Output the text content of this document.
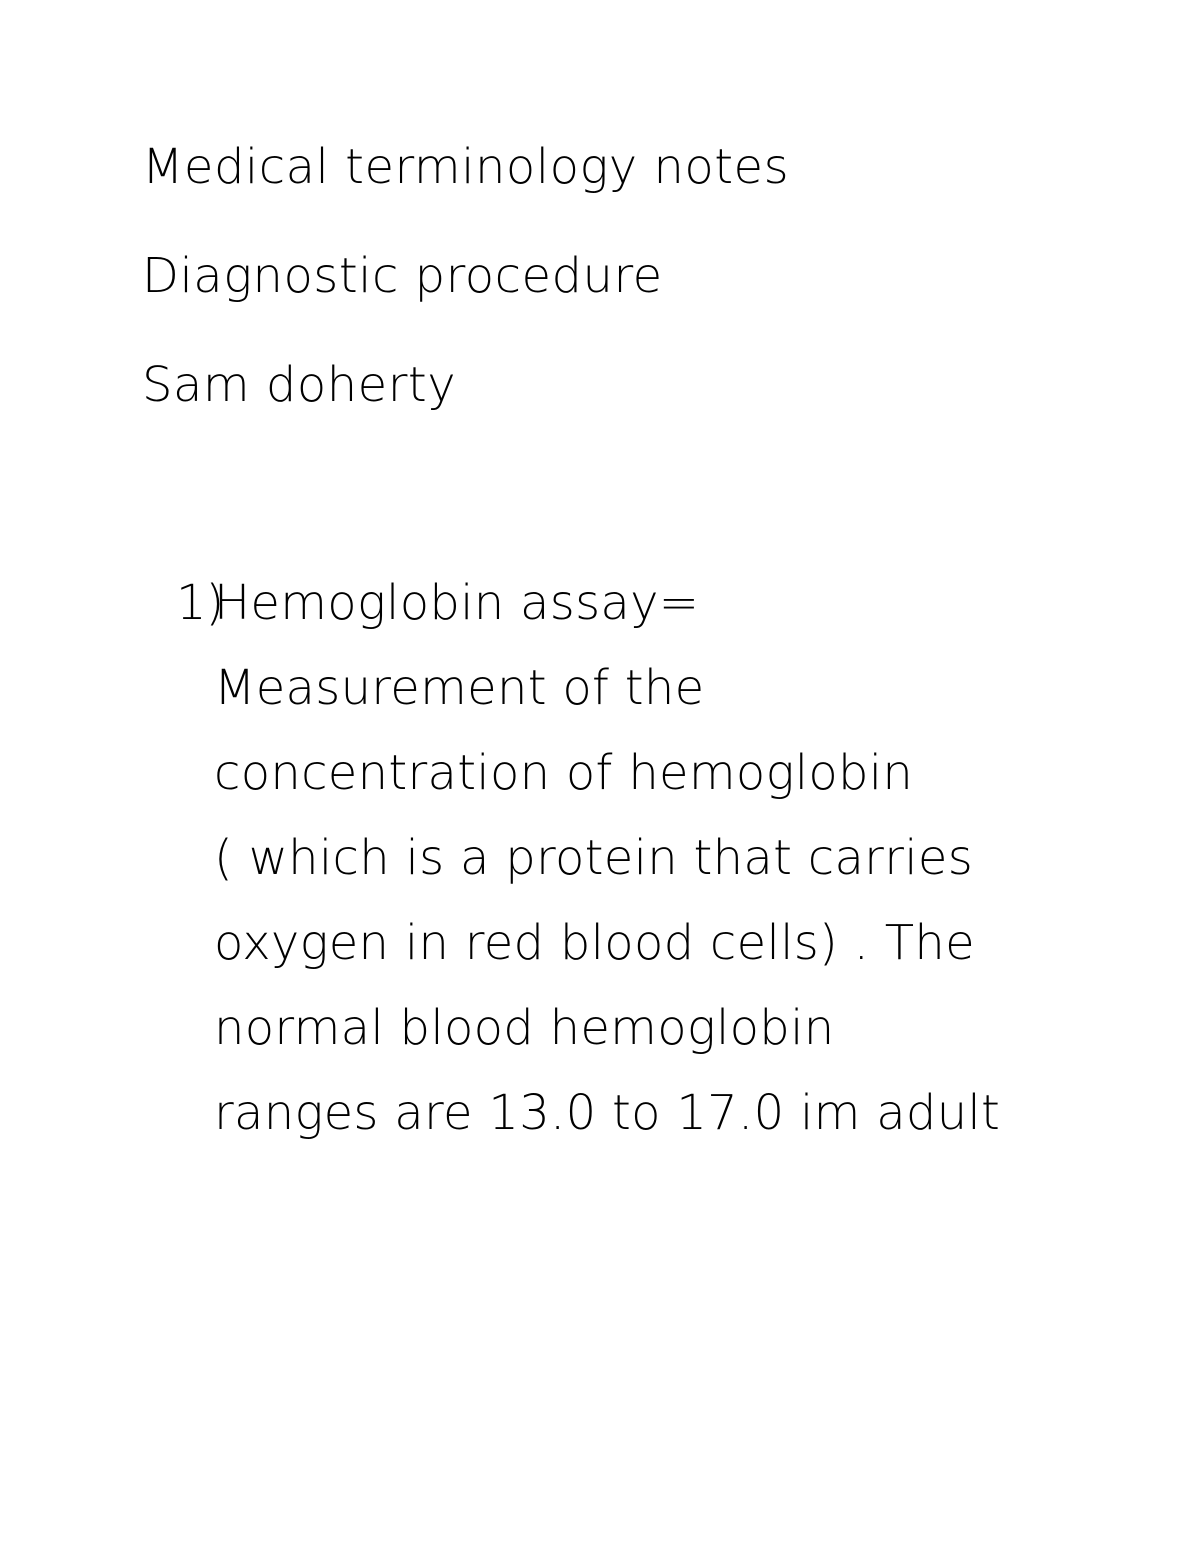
Medical terminology notes
Diagnostic procedure
Sam doherty
1)
Hemoglobin assay=
Measurement of the
concentration of hemoglobin
( which is a protein that carries
oxygen in red blood cells) . The
normal blood hemoglobin
ranges are 13.0 to 17.0 im adult
